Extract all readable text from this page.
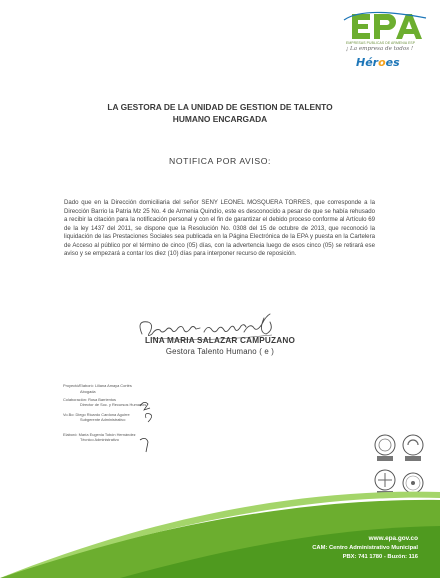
EMPRESAS PUBLICAS DE ARMENIA ESP
¡ La empresa de todos !
Héroes
LA GESTORA DE LA UNIDAD DE GESTION DE TALENTO
HUMANO ENCARGADA
NOTIFICA POR AVISO:
Dado que en la Dirección domiciliaria del señor SENY LEONEL MOSQUERA TORRES, que corresponde a la Dirección Barrio la Patria Mz 25 No. 4 de Armenia Quindío, este es desconocido a pesar de que se había rehusado a recibir la citación para la notificación personal y con el fin de garantizar el debido proceso conforme al Artículo 69 de la ley 1437 del 2011, se dispone que la Resolución No. 0308 del 15 de octubre de 2013, que reconoció la liquidación de las Prestaciones Sociales sea publicada en la Página Electrónica de la EPA y puesta en la Cartelera de Acceso al público por el término de cinco (05) días, con la advertencia luego de esos cinco (05) se retirará ese aviso y se empezará a contar los diez (10) días para interponer recurso de reposición.
LINA MARIA SALAZAR CAMPUZANO
Gestora Talento Humano ( e )
Proyectó/Elaboró: Liliana Amaya Cortés
Abogada
Colaboración: Rosa Barrientos
Director de Soc. y Recursos Humanos
Vo.Bo: Diego Ricardo Cardona Aguirre
Subgerente Administrativo
Elaboró: María Eugenia Tobón Hernández
Técnico Administrativo
www.epa.gov.co
CAM: Centro Administrativo Municipal
PBX: 741 1780 - Buzón: 116
